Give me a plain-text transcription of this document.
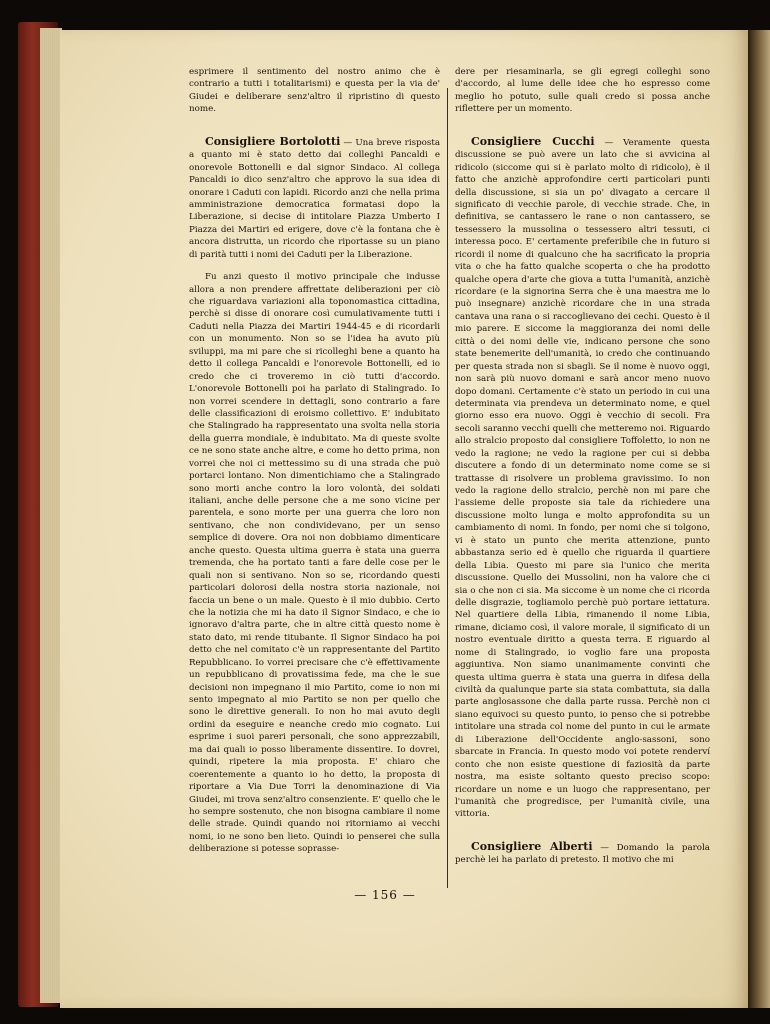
esprimere il sentimento del nostro animo che è contrario a tutti i totalitarismi) e questa per la via de' Giudei e deliberare senz'altro il ripristino di questo nome.

Consigliere Bortolotti — Una breve risposta a quanto mi è stato detto dai colleghi Pancaldi e onorevole Bottonelli e dal signor Sindaco. Al collega Pancaldi io dico senz'altro che approvo la sua idea di onorare i Caduti con lapidi. Ricordo anzi che nella prima amministrazione democratica formatasi dopo la Liberazione, si decise di intitolare Piazza Umberto I Piazza dei Martiri ed erigere, dove c'è la fontana che è ancora distrutta, un ricordo che riportasse su un piano di parità tutti i nomi dei Caduti per la Liberazione.

Fu anzi questo il motivo principale che indusse allora a non prendere affrettate deliberazioni per ciò che riguardava variazioni alla toponomastica cittadina, perchè si disse di onorare così cumulativamente tutti i Caduti nella Piazza dei Martiri 1944-45 e di ricordarli con un monumento. Non so se l'idea ha avuto più sviluppi, ma mi pare che si ricolleghi bene a quanto ha detto il collega Pancaldi e l'onorevole Bottonelli, ed io credo che ci troveremo in ciò tutti d'accordo. L'onorevole Bottonelli poi ha parlato di Stalingrado. Io non vorrei scendere in dettagli, sono contrario a fare delle classificazioni di eroismo collettivo. E' indubitato che Stalingrado ha rappresentato una svolta nella storia della guerra mondiale, è indubitato. Ma di queste svolte ce ne sono state anche altre, e come ho detto prima, non vorrei che noi ci mettessimo su di una strada che può portarci lontano. Non dimentichiamo che a Stalingrado sono morti anche contro la loro volontà, dei soldati italiani, anche delle persone che a me sono vicine per parentela, e sono morte per una guerra che loro non sentivano, che non condividevano, per un senso semplice di dovere. Ora noi non dobbiamo dimenticare anche questo. Questa ultima guerra è stata una guerra tremenda, che ha portato tanti a fare delle cose per le quali non si sentivano. Non so se, ricordando questi particolari dolorosi della nostra storia nazionale, noi faccia un bene o un male. Questo è il mio dubbio. Certo che la notizia che mi ha dato il Signor Sindaco, e che io ignoravo d'altra parte, che in altre città questo nome è stato dato, mi rende titubante. Il Signor Sindaco ha poi detto che nel comitato c'è un rappresentante del Partito Repubblicano. Io vorrei precisare che c'è effettivamente un repubblicano di provatissima fede, ma che le sue decisioni non impegnano il mio Partito, come io non mi sento impegnato al mio Partito se non per quello che sono le direttive generali. Io non ho mai avuto degli ordini da eseguire e neanche credo mio cognato. Lui esprime i suoi pareri personali, che sono apprezzabili, ma dai quali io posso liberamente dissentire. Io dovrei, quindi, ripetere la mia proposta. E' chiaro che coerentemente a quanto io ho detto, la proposta di riportare a Via Due Torri la denominazione di Via Giudei, mi trova senz'altro consenziente. E' quello che le ho sempre sostenuto, che non bisogna cambiare il nome delle strade. Quindi quando noi ritorniamo ai vecchi nomi, io ne sono ben lieto. Quindi io penserei che sulla deliberazione si potesse soprasse-

dere per riesaminarla, se gli egregi colleghi sono d'accordo, al lume delle idee che ho espresso come meglio ho potuto, sulle quali credo si possa anche riflettere per un momento.

Consigliere Cucchi — Veramente questa discussione se può avere un lato che si avvicina al ridicolo (siccome qui si è parlato molto di ridicolo), è il fatto che anzichè approfondire certi particolari punti della discussione, si sia un po' divagato a cercare il significato di vecchie parole, di vecchie strade. Che, in definitiva, se cantassero le rane o non cantassero, se tessessero la mussolina o tessessero altri tessuti, ci interessa poco. E' certamente preferibile che in futuro si ricordi il nome di qualcuno che ha sacrificato la propria vita o che ha fatto qualche scoperta o che ha prodotto qualche opera d'arte che giova a tutta l'umanità, anzichè ricordare (e la signorina Serra che è una maestra me lo può insegnare) anzichè ricordare che in una strada cantava una rana o si raccoglievano dei cechi. Questo è il mio parere. E siccome la maggioranza dei nomi delle città o dei nomi delle vie, indicano persone che sono state benemerite dell'umanità, io credo che continuando per questa strada non si sbagli. Se il nome è nuovo oggi, non sarà più nuovo domani e sarà ancor meno nuovo dopo domani. Certamente c'è stato un periodo in cui una determinata via prendeva un determinato nome, e quel giorno esso era nuovo. Oggi è vecchio di secoli. Fra secoli saranno vecchi quelli che metteremo noi. Riguardo allo stralcio proposto dal consigliere Toffoletto, io non ne vedo la ragione; ne vedo la ragione per cui si debba discutere a fondo di un determinato nome come se si trattasse di risolvere un problema gravissimo. Io non vedo la ragione dello stralcio, perchè non mi pare che l'assieme delle proposte sia tale da richiedere una discussione molto lunga e molto approfondita su un cambiamento di nomi. In fondo, per nomi che si tolgono, vi è stato un punto che merita attenzione, punto abbastanza serio ed è quello che riguarda il quartiere della Libia. Questo mi pare sia l'unico che merita discussione. Quello dei Mussolini, non ha valore che ci sia o che non ci sia. Ma siccome è un nome che ci ricorda delle disgrazie, togliamolo perchè può portare iettatura. Nel quartiere della Libia, rimanendo il nome Libia, rimane, diciamo così, il valore morale, il significato di un nostro eventuale diritto a questa terra. E riguardo al nome di Stalingrado, io voglio fare una proposta aggiuntiva. Non siamo unanimamente convinti che questa ultima guerra è stata una guerra in difesa della civiltà da qualunque parte sia stata combattuta, sia dalla parte anglosassone che dalla parte russa. Perchè non ci siano equivoci su questo punto, io penso che si potrebbe intitolare una strada col nome del punto in cui le armate di Liberazione dell'Occidente anglo-sassoni, sono sbarcate in Francia. In questo modo voi potete renderví conto che non esiste questione di faziosità da parte nostra, ma esiste soltanto questo preciso scopo: ricordare un nome e un luogo che rappresentano, per l'umanità che progredisce, per l'umanità civile, una vittoria.

Consigliere Alberti — Domando la parola perchè lei ha parlato di pretesto. Il motivo che mi

— 156 —
